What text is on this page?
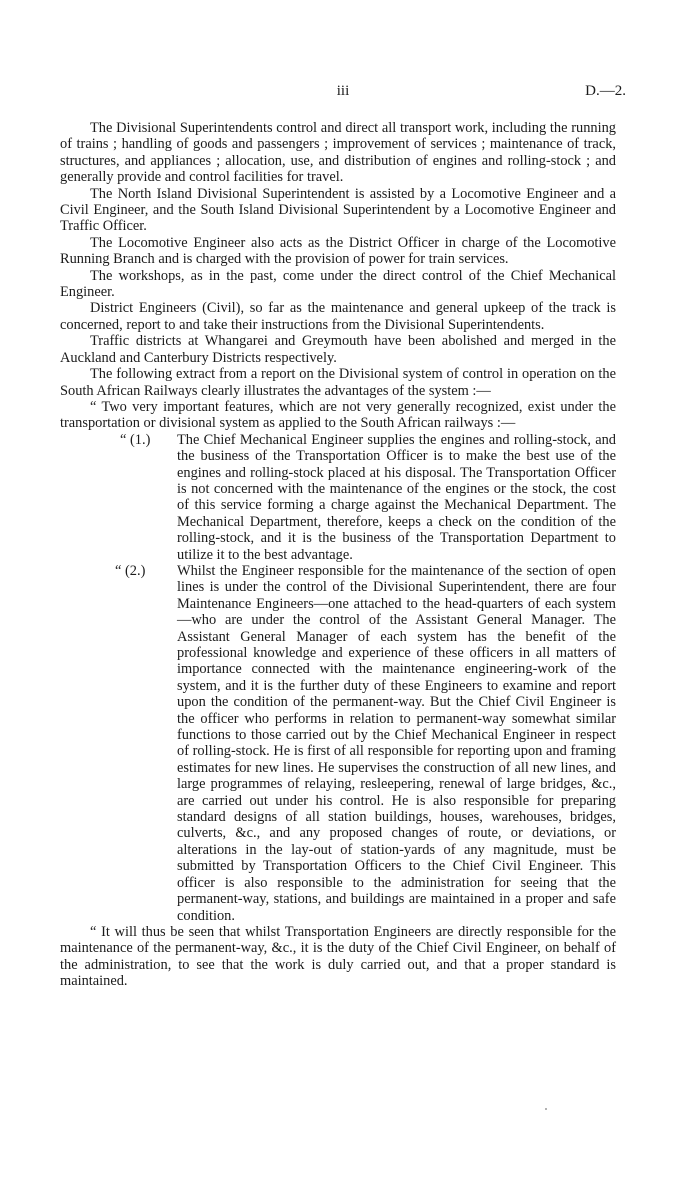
iii	D.—2.

The Divisional Superintendents control and direct all transport work, including the running of trains ; handling of goods and passengers ; improvement of services ; maintenance of track, structures, and appliances ; allocation, use, and distribution of engines and rolling-stock ; and generally provide and control facilities for travel.

The North Island Divisional Superintendent is assisted by a Locomotive Engineer and a Civil Engineer, and the South Island Divisional Superintendent by a Locomotive Engineer and Traffic Officer.

The Locomotive Engineer also acts as the District Officer in charge of the Locomotive Running Branch and is charged with the provision of power for train services.

The workshops, as in the past, come under the direct control of the Chief Mechanical Engineer.

District Engineers (Civil), so far as the maintenance and general upkeep of the track is concerned, report to and take their instructions from the Divisional Superintendents.

Traffic districts at Whangarei and Greymouth have been abolished and merged in the Auckland and Canterbury Districts respectively.

The following extract from a report on the Divisional system of control in operation on the South African Railways clearly illustrates the advantages of the system :—

“ Two very important features, which are not very generally recognized, exist under the transportation or divisional system as applied to the South African railways :—

“ (1.) The Chief Mechanical Engineer supplies the engines and rolling-stock, and the business of the Transportation Officer is to make the best use of the engines and rolling-stock placed at his disposal. The Transportation Officer is not concerned with the maintenance of the engines or the stock, the cost of this service forming a charge against the Mechanical Department. The Mechanical Department, therefore, keeps a check on the condition of the rolling-stock, and it is the business of the Transportation Department to utilize it to the best advantage.
“ (2.) Whilst the Engineer responsible for the maintenance of the section of open lines is under the control of the Divisional Superintendent, there are four Maintenance Engineers—one attached to the head-quarters of each system—who are under the control of the Assistant General Manager. The Assistant General Manager of each system has the benefit of the professional knowledge and experience of these officers in all matters of importance connected with the maintenance engineering-work of the system, and it is the further duty of these Engineers to examine and report upon the condition of the permanent-way. But the Chief Civil Engineer is the officer who performs in relation to permanent-way somewhat similar functions to those carried out by the Chief Mechanical Engineer in respect of rolling-stock. He is first of all responsible for reporting upon and framing estimates for new lines. He supervises the construction of all new lines, and large programmes of relaying, resleepering, renewal of large bridges, &c., are carried out under his control. He is also responsible for preparing standard designs of all station buildings, houses, warehouses, bridges, culverts, &c., and any proposed changes of route, or deviations, or alterations in the lay-out of station-yards of any magnitude, must be submitted by Transportation Officers to the Chief Civil Engineer. This officer is also responsible to the administration for seeing that the permanent-way, stations, and buildings are maintained in a proper and safe condition.

“ It will thus be seen that whilst Transportation Engineers are directly responsible for the maintenance of the permanent-way, &c., it is the duty of the Chief Civil Engineer, on behalf of the administration, to see that the work is duly carried out, and that a proper standard is maintained.
